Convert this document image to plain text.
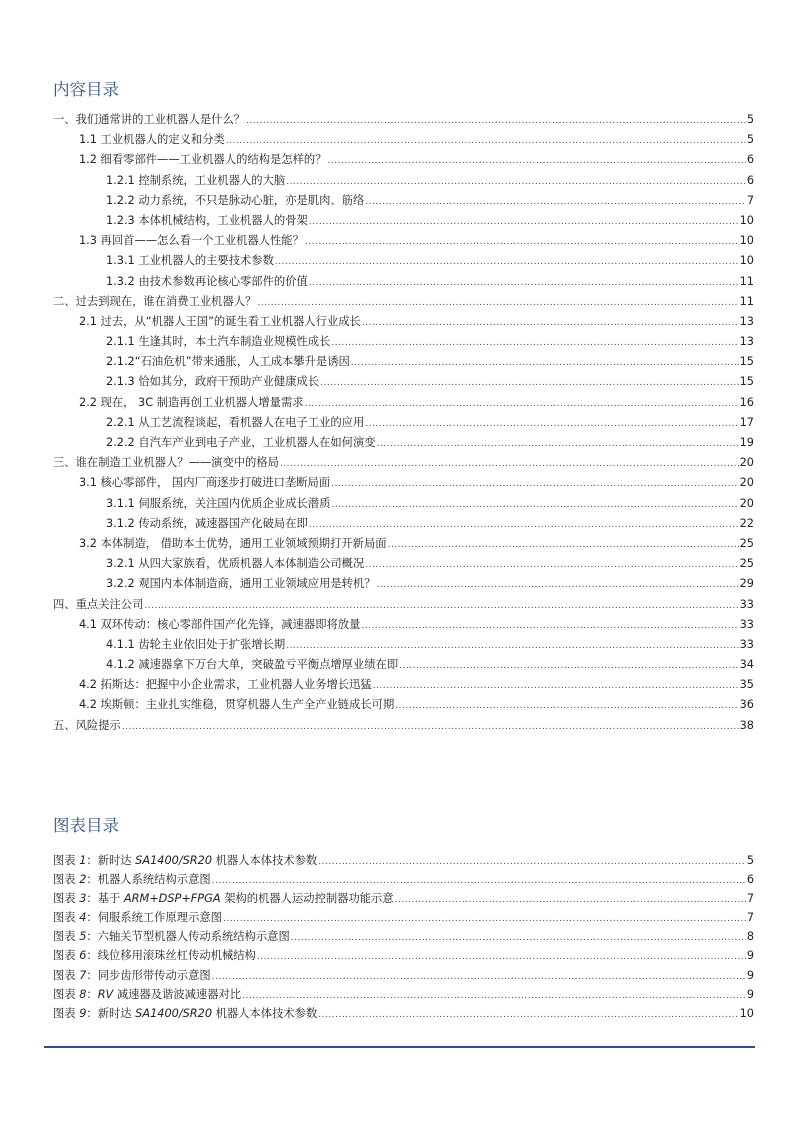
内容目录
一、我们通常讲的工业机器人是什么？ .....	5
1.1 工业机器人的定义和分类 .....	5
1.2 细看零部件——工业机器人的结构是怎样的？ .....	6
1.2.1 控制系统，工业机器人的大脑 .....	6
1.2.2 动力系统，不只是脉动心脏，亦是肌肉、筋络 .....	7
1.2.3 本体机械结构，工业机器人的骨架 .....	10
1.3 再回首——怎么看一个工业机器人性能？ .....	10
1.3.1 工业机器人的主要技术参数 .....	10
1.3.2 由技术参数再论核心零部件的价值 .....	11
二、过去到现在，谁在消费工业机器人？ .....	11
2.1 过去，从“机器人王国”的诞生看工业机器人行业成长 .....	13
2.1.1 生逢其时，本土汽车制造业规模性成长 .....	13
2.1.2“石油危机”带来通胀，人工成本攀升是诱因 .....	15
2.1.3 恰如其分，政府干预助产业健康成长 .....	15
2.2 现在， 3C 制造再创工业机器人增量需求 .....	16
2.2.1 从工艺流程谈起，看机器人在电子工业的应用 .....	17
2.2.2 自汽车产业到电子产业，工业机器人在如何演变 .....	19
三、谁在制造工业机器人？——演变中的格局 .....	20
3.1 核心零部件， 国内厂商逐步打破进口垄断局面 .....	20
3.1.1 伺服系统，关注国内优质企业成长潜质 .....	20
3.1.2 传动系统，减速器国产化破局在即 .....	22
3.2 本体制造， 借助本土优势，通用工业领域预期打开新局面 .....	25
3.2.1 从四大家族看，优质机器人本体制造公司概况 .....	25
3.2.2 观国内本体制造商，通用工业领域应用是转机？ .....	29
四、重点关注公司 .....	33
4.1 双环传动：核心零部件国产化先锋，减速器即将放量 .....	33
4.1.1 齿轮主业依旧处于扩张增长期 .....	33
4.1.2 减速器拿下万台大单，突破盈亏平衡点增厚业绩在即 .....	34
4.2 拓斯达：把握中小企业需求，工业机器人业务增长迅猛 .....	35
4.2 埃斯顿：主业扎实维稳，贯穿机器人生产全产业链成长可期 .....	36
五、风险提示 .....	38
图表目录
图表 1：新时达 SA1400/SR20 机器人本体技术参数 .....	5
图表 2：机器人系统结构示意图 .....	6
图表 3：基于 ARM+DSP+FPGA 架构的机器人运动控制器功能示意 .....	7
图表 4：伺服系统工作原理示意图 .....	7
图表 5：六轴关节型机器人传动系统结构示意图 .....	8
图表 6：线位移用滚珠丝杠传动机械结构 .....	9
图表 7：同步齿形带传动示意图 .....	9
图表 8：RV 减速器及谐波减速器对比 .....	9
图表 9：新时达 SA1400/SR20 机器人本体技术参数 .....	10
